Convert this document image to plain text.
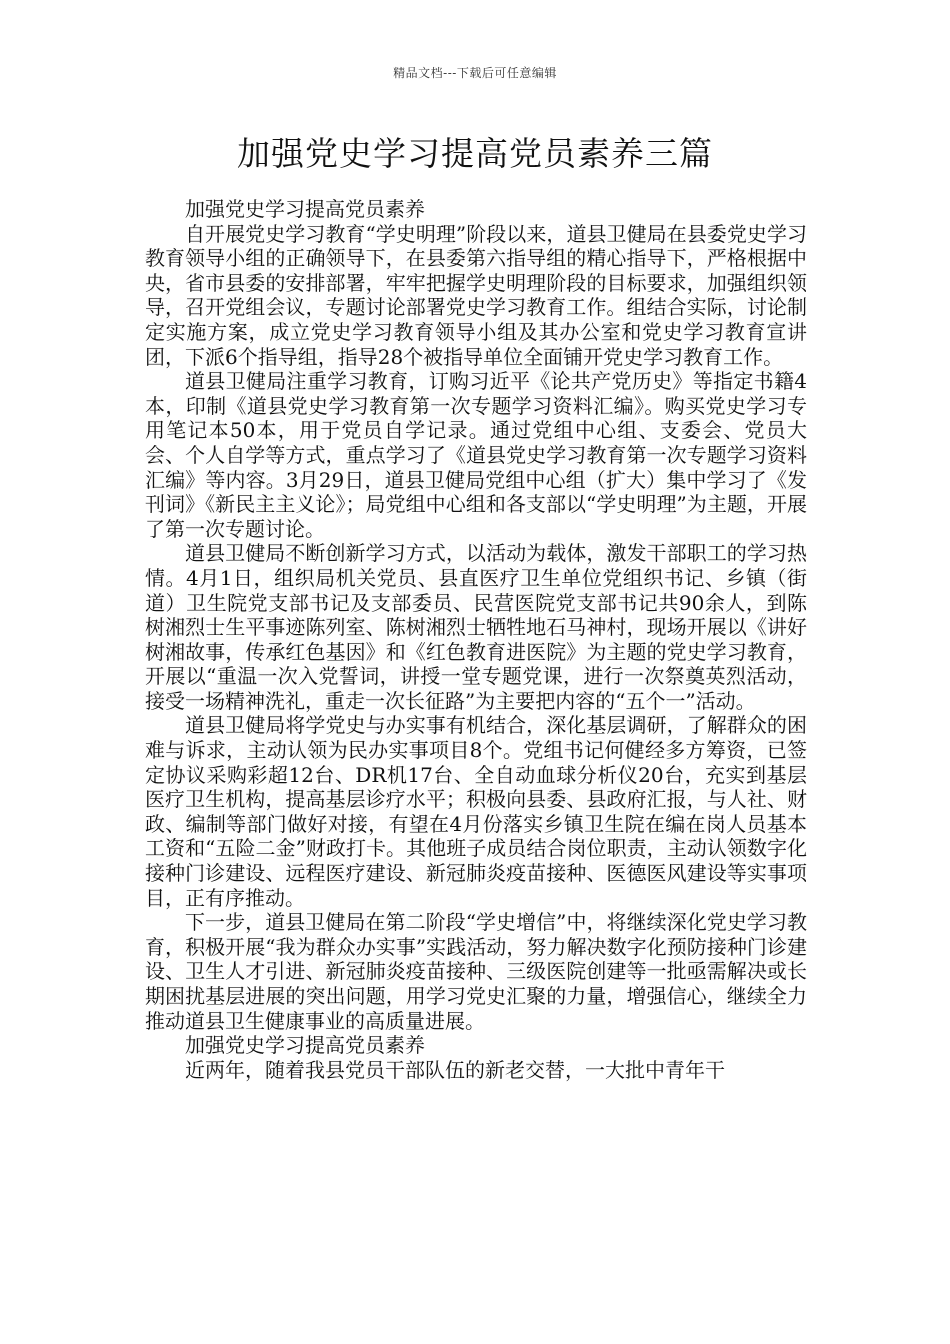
精品文档---下载后可任意编辑
加强党史学习提高党员素养三篇

加强党史学习提高党员素养

自开展党史学习教育“学史明理”阶段以来，道县卫健局在县委党史学习教育领导小组的正确领导下，在县委第六指导组的精心指导下，严格根据中央，省市县委的安排部署，牢牢把握学史明理阶段的目标要求，加强组织领导，召开党组会议，专题讨论部署党史学习教育工作。组结合实际，讨论制定实施方案，成立党史学习教育领导小组及其办公室和党史学习教育宣讲团，下派6个指导组，指导28个被指导单位全面铺开党史学习教育工作。

道县卫健局注重学习教育，订购习近平《论共产党历史》等指定书籍4本，印制《道县党史学习教育第一次专题学习资料汇编》。购买党史学习专用笔记本50本，用于党员自学记录。通过党组中心组、支委会、党员大会、个人自学等方式，重点学习了《道县党史学习教育第一次专题学习资料汇编》等内容。3月29日，道县卫健局党组中心组（扩大）集中学习了《发刊词》《新民主主义论》；局党组中心组和各支部以“学史明理”为主题，开展了第一次专题讨论。

道县卫健局不断创新学习方式，以活动为载体，激发干部职工的学习热情。4月1日，组织局机关党员、县直医疗卫生单位党组织书记、乡镇（街道）卫生院党支部书记及支部委员、民营医院党支部书记共90余人，到陈树湘烈士生平事迹陈列室、陈树湘烈士牺牲地石马神村，现场开展以《讲好树湘故事，传承红色基因》和《红色教育进医院》为主题的党史学习教育，开展以“重温一次入党誓词，讲授一堂专题党课，进行一次祭奠英烈活动，接受一场精神洗礼，重走一次长征路”为主要把内容的“五个一”活动。

道县卫健局将学党史与办实事有机结合，深化基层调研，了解群众的困难与诉求，主动认领为民办实事项目8个。党组书记何健经多方筹资，已签定协议采购彩超12台、DR机17台、全自动血球分析仪20台，充实到基层医疗卫生机构，提高基层诊疗水平；积极向县委、县政府汇报，与人社、财政、编制等部门做好对接，有望在4月份落实乡镇卫生院在编在岗人员基本工资和“五险二金”财政打卡。其他班子成员结合岗位职责，主动认领数字化接种门诊建设、远程医疗建设、新冠肺炎疫苗接种、医德医风建设等实事项目，正有序推动。

下一步，道县卫健局在第二阶段“学史增信”中，将继续深化党史学习教育，积极开展“我为群众办实事”实践活动，努力解决数字化预防接种门诊建设、卫生人才引进、新冠肺炎疫苗接种、三级医院创建等一批亟需解决或长期困扰基层进展的突出问题，用学习党史汇聚的力量，增强信心，继续全力推动道县卫生健康事业的高质量进展。

加强党史学习提高党员素养

近两年，随着我县党员干部队伍的新老交替，一大批中青年干
